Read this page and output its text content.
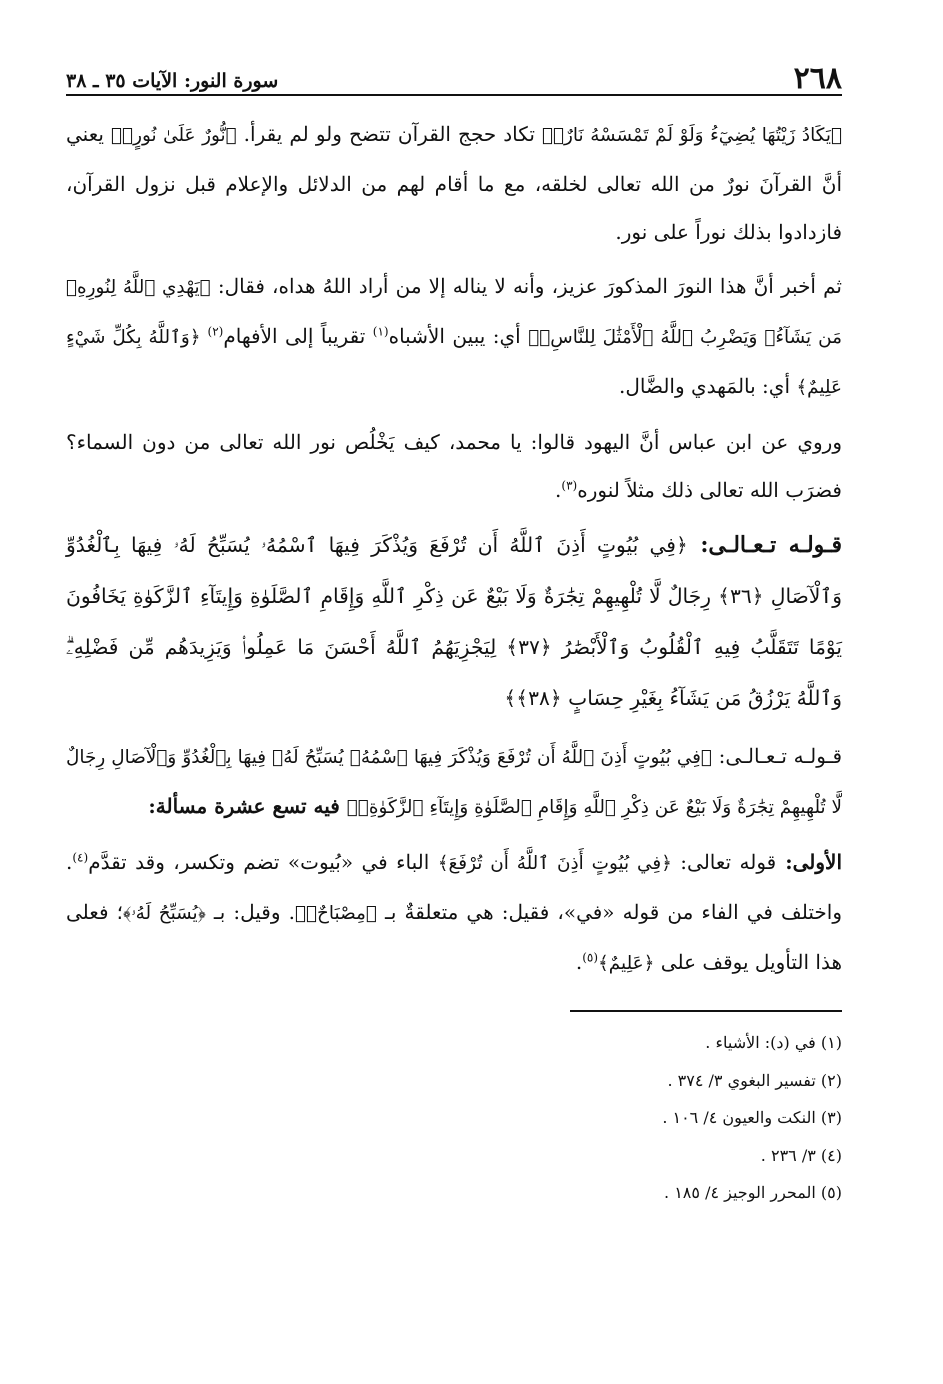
٢٦٨
سورة النور: الآيات ٣٥ ـ ٣٨

﴿يَكَادُ زَيْتُهَا يُضِيٓءُ وَلَوْ لَمْ تَمْسَسْهُ نَارٌۚ﴾ تكاد حجج القرآن تتضح ولو لم يقرأ. ﴿نُّورٌ عَلَىٰ نُورٍۚ﴾ يعني أنَّ القرآنَ نورٌ من الله تعالى لخلقه، مع ما أقام لهم من الدلائل والإعلام قبل نزول القرآن، فازدادوا بذلك نوراً على نور.

ثم أخبر أنَّ هذا النورَ المذكورَ عزيز، وأنه لا يناله إلا من أراد اللهُ هداه، فقال: ﴿يَهْدِي ٱللَّهُ لِنُورِهِۦ مَن يَشَآءُۚ وَيَضْرِبُ ٱللَّهُ ٱلْأَمْثَٰلَ لِلنَّاسِۗ﴾ أي: يبين الأشباه$^{(١)}$ تقريباً إلى الأفهام$^{(٢)}$ ﴿وَٱللَّهُ بِكُلِّ شَيْءٍ عَلِيمٌ﴾ أي: بالمَهدي والضَّال.

وروي عن ابن عباس أنَّ اليهود قالوا: يا محمد، كيف يَخْلُص نور الله تعالى من دون السماء؟ فضرَب الله تعالى ذلك مثلاً لنوره$^{(٣)}$.

قـولـه تـعـالـى: ﴿فِي بُيُوتٍ أَذِنَ ٱللَّهُ أَن تُرْفَعَ وَيُذْكَرَ فِيهَا ٱسْمُهُۥ يُسَبِّحُ لَهُۥ فِيهَا بِٱلْغُدُوِّ وَٱلْآصَالِ ﴿٣٦﴾ رِجَالٌ لَّا تُلْهِيهِمْ تِجَٰرَةٌ وَلَا بَيْعٌ عَن ذِكْرِ ٱللَّهِ وَإِقَامِ ٱلصَّلَوٰةِ وَإِيتَآءِ ٱلزَّكَوٰةِ يَخَافُونَ يَوْمًا تَتَقَلَّبُ فِيهِ ٱلْقُلُوبُ وَٱلْأَبْصَٰرُ ﴿٣٧﴾ لِيَجْزِيَهُمُ ٱللَّهُ أَحْسَنَ مَا عَمِلُوا۟ وَيَزِيدَهُم مِّن فَضْلِهِۦۗ وَٱللَّهُ يَرْزُقُ مَن يَشَآءُ بِغَيْرِ حِسَابٍ ﴿٣٨﴾﴾

قـولـه تـعـالـى: ﴿فِي بُيُوتٍ أَذِنَ ٱللَّهُ أَن تُرْفَعَ وَيُذْكَرَ فِيهَا ٱسْمُهُۥ يُسَبِّحُ لَهُۥ فِيهَا بِٱلْغُدُوِّ وَٱلْآصَالِ رِجَالٌ لَّا تُلْهِيهِمْ تِجَٰرَةٌ وَلَا بَيْعٌ عَن ذِكْرِ ٱللَّهِ وَإِقَامِ ٱلصَّلَوٰةِ وَإِيتَآءِ ٱلزَّكَوٰةِۙ﴾ فيه تسع عشرة مسألة:

الأولى: قوله تعالى: ﴿فِي بُيُوتٍ أَذِنَ ٱللَّهُ أَن تُرْفَعَ﴾ الباء في «بُيوت» تضم وتكسر، وقد تقدَّم$^{(٤)}$. واختلف في الفاء من قوله «في»، فقيل: هي متعلقةٌ بـ ﴿مِصْبَاحٌۖ﴾. وقيل: بـ ﴿يُسَبِّحُ لَهُۥ﴾؛ فعلى هذا التأويل يوقف على ﴿عَلِيمٌ﴾$^{(٥)}$.

(١) في (د): الأشياء .
(٢) تفسير البغوي ٣/ ٣٧٤ .
(٣) النكت والعيون ٤/ ١٠٦ .
(٤) ٣/ ٢٣٦ .
(٥) المحرر الوجيز ٤/ ١٨٥ .
